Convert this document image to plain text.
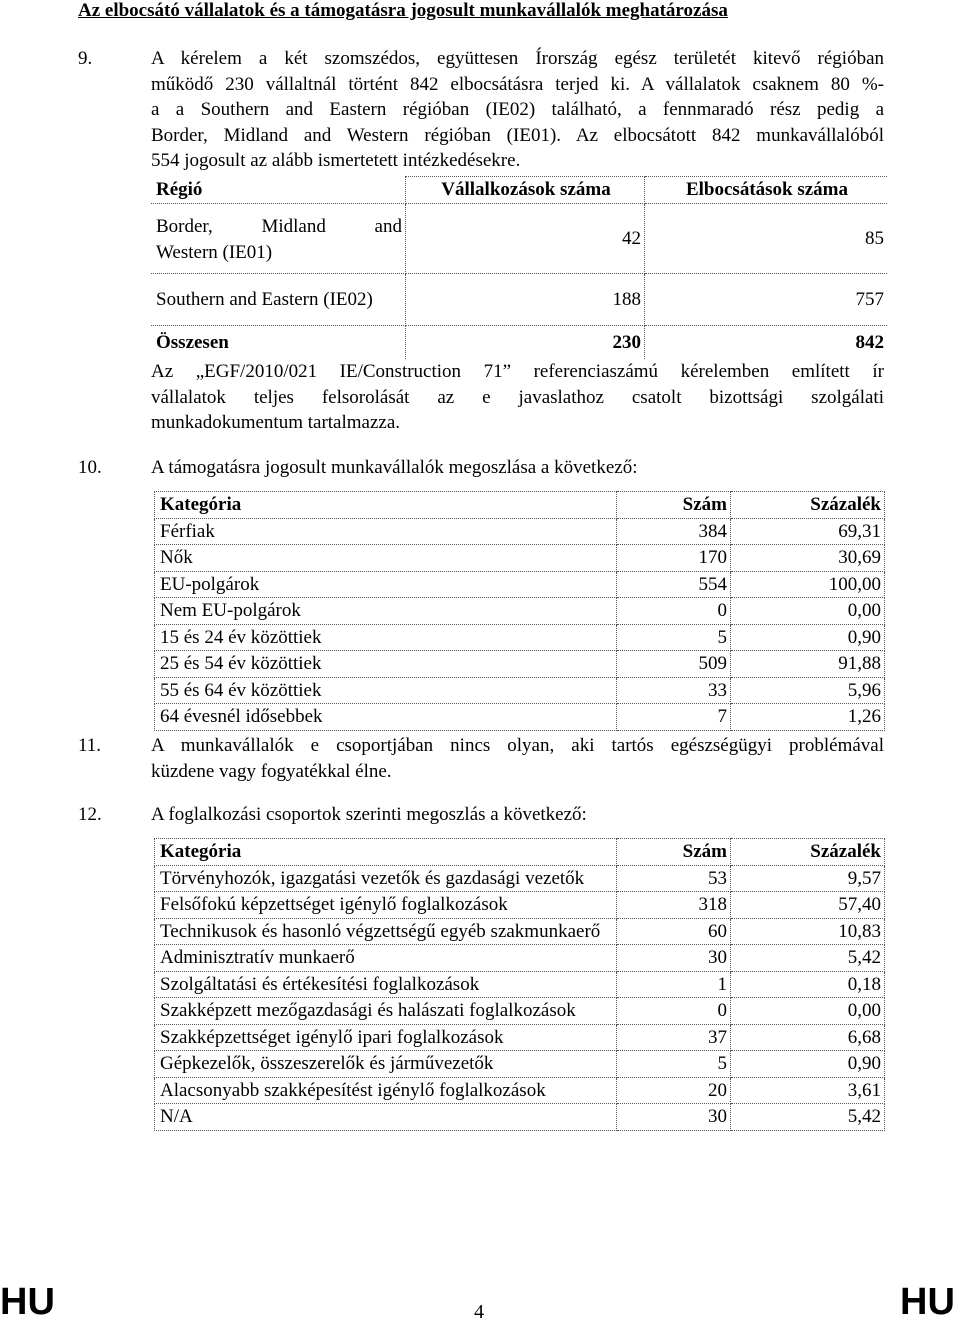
Az elbocsátó vállalatok és a támogatásra jogosult munkavállalók meghatározása
9.	A kérelem a két szomszédos, együttesen Írország egész területét kitevő régióban
működő 230 vállaltnál történt 842 elbocsátásra terjed ki. A vállalatok csaknem 80 %-
a a Southern and Eastern régióban (IE02) található, a fennmaradó rész pedig a
Border, Midland and Western régióban (IE01). Az elbocsátott 842 munkavállalóból
554 jogosult az alább ismertetett intézkedésekre.
Régió	Vállalkozások száma	Elbocsátások száma

Border, Midland and
Western (IE01)	42	85
Southern and Eastern (IE02)	188	757
Összesen	230	842
Az „EGF/2010/021 IE/Construction 71” referenciaszámú kérelemben említett ír
vállalatok teljes felsorolását az e javaslathoz csatolt bizottsági szolgálati
munkadokumentum tartalmazza.
10.	A támogatásra jogosult munkavállalók megoszlása a következő:
Kategória	Szám	Százalék
Férfiak	384	69,31
Nők	170	30,69
EU-polgárok	554	100,00
Nem EU-polgárok	0	0,00
15 és 24 év közöttiek	5	0,90
25 és 54 év közöttiek	509	91,88
55 és 64 év közöttiek	33	5,96
64 évesnél idősebbek	7	1,26
11.	A munkavállalók e csoportjában nincs olyan, aki tartós egészségügyi problémával
küzdene vagy fogyatékkal élne.
12.	A foglalkozási csoportok szerinti megoszlás a következő:
Kategória	Szám	Százalék
Törvényhozók, igazgatási vezetők és gazdasági vezetők	53	9,57
Felsőfokú képzettséget igénylő foglalkozások	318	57,40
Technikusok és hasonló végzettségű egyéb szakmunkaerő	60	10,83
Adminisztratív munkaerő	30	5,42
Szolgáltatási és értékesítési foglalkozások	1	0,18
Szakképzett mezőgazdasági és halászati foglalkozások	0	0,00
Szakképzettséget igénylő ipari foglalkozások	37	6,68
Gépkezelők, összeszerelők és járművezetők	5	0,90
Alacsonyabb szakképesítést igénylő foglalkozások	20	3,61
N/A	30	5,42
HU	4	HU
